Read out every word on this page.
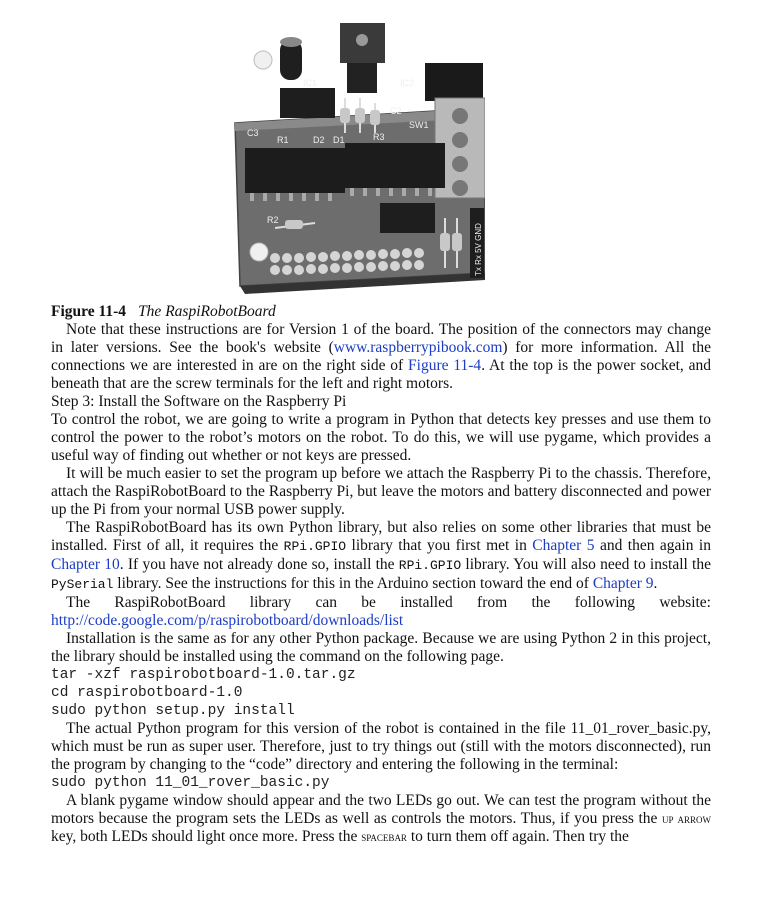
IC1	IC2
C3
C2
R1
R2
R3
D1
D2
SW1
Tx Rx 5V GND
Figure 11-4 The RaspiRobotBoard

Note that these instructions are for Version 1 of the board. The position of the connectors may change in later versions. See the book's website (www.raspberrypibook.com) for more information. All the connections we are interested in are on the right side of Figure 11-4. At the top is the power socket, and beneath that are the screw terminals for the left and right motors.

Step 3: Install the Software on the Raspberry Pi

To control the robot, we are going to write a program in Python that detects key presses and use them to control the power to the robot’s motors on the robot. To do this, we will use pygame, which provides a useful way of finding out whether or not keys are pressed.

It will be much easier to set the program up before we attach the Raspberry Pi to the chassis. Therefore, attach the RaspiRobotBoard to the Raspberry Pi, but leave the motors and battery disconnected and power up the Pi from your normal USB power supply.

The RaspiRobotBoard has its own Python library, but also relies on some other libraries that must be installed. First of all, it requires the RPi.GPIO library that you first met in Chapter 5 and then again in Chapter 10. If you have not already done so, install the RPi.GPIO library. You will also need to install the PySerial library. See the instructions for this in the Arduino section toward the end of Chapter 9.

The RaspiRobotBoard library can be installed from the following website:

http://code.google.com/p/raspirobotboard/downloads/list

Installation is the same as for any other Python package. Because we are using Python 2 in this project, the library should be installed using the command on the following page.

tar -xzf raspirobotboard-1.0.tar.gz
cd raspirobotboard-1.0
sudo python setup.py install

The actual Python program for this version of the robot is contained in the file 11_01_rover_basic.py, which must be run as super user. Therefore, just to try things out (still with the motors disconnected), run the program by changing to the “code” directory and entering the following in the terminal:

sudo python 11_01_rover_basic.py

A blank pygame window should appear and the two LEDs go out. We can test the program without the motors because the program sets the LEDs as well as controls the motors. Thus, if you press the up arrow key, both LEDs should light once more. Press the spacebar to turn them off again. Then try the
